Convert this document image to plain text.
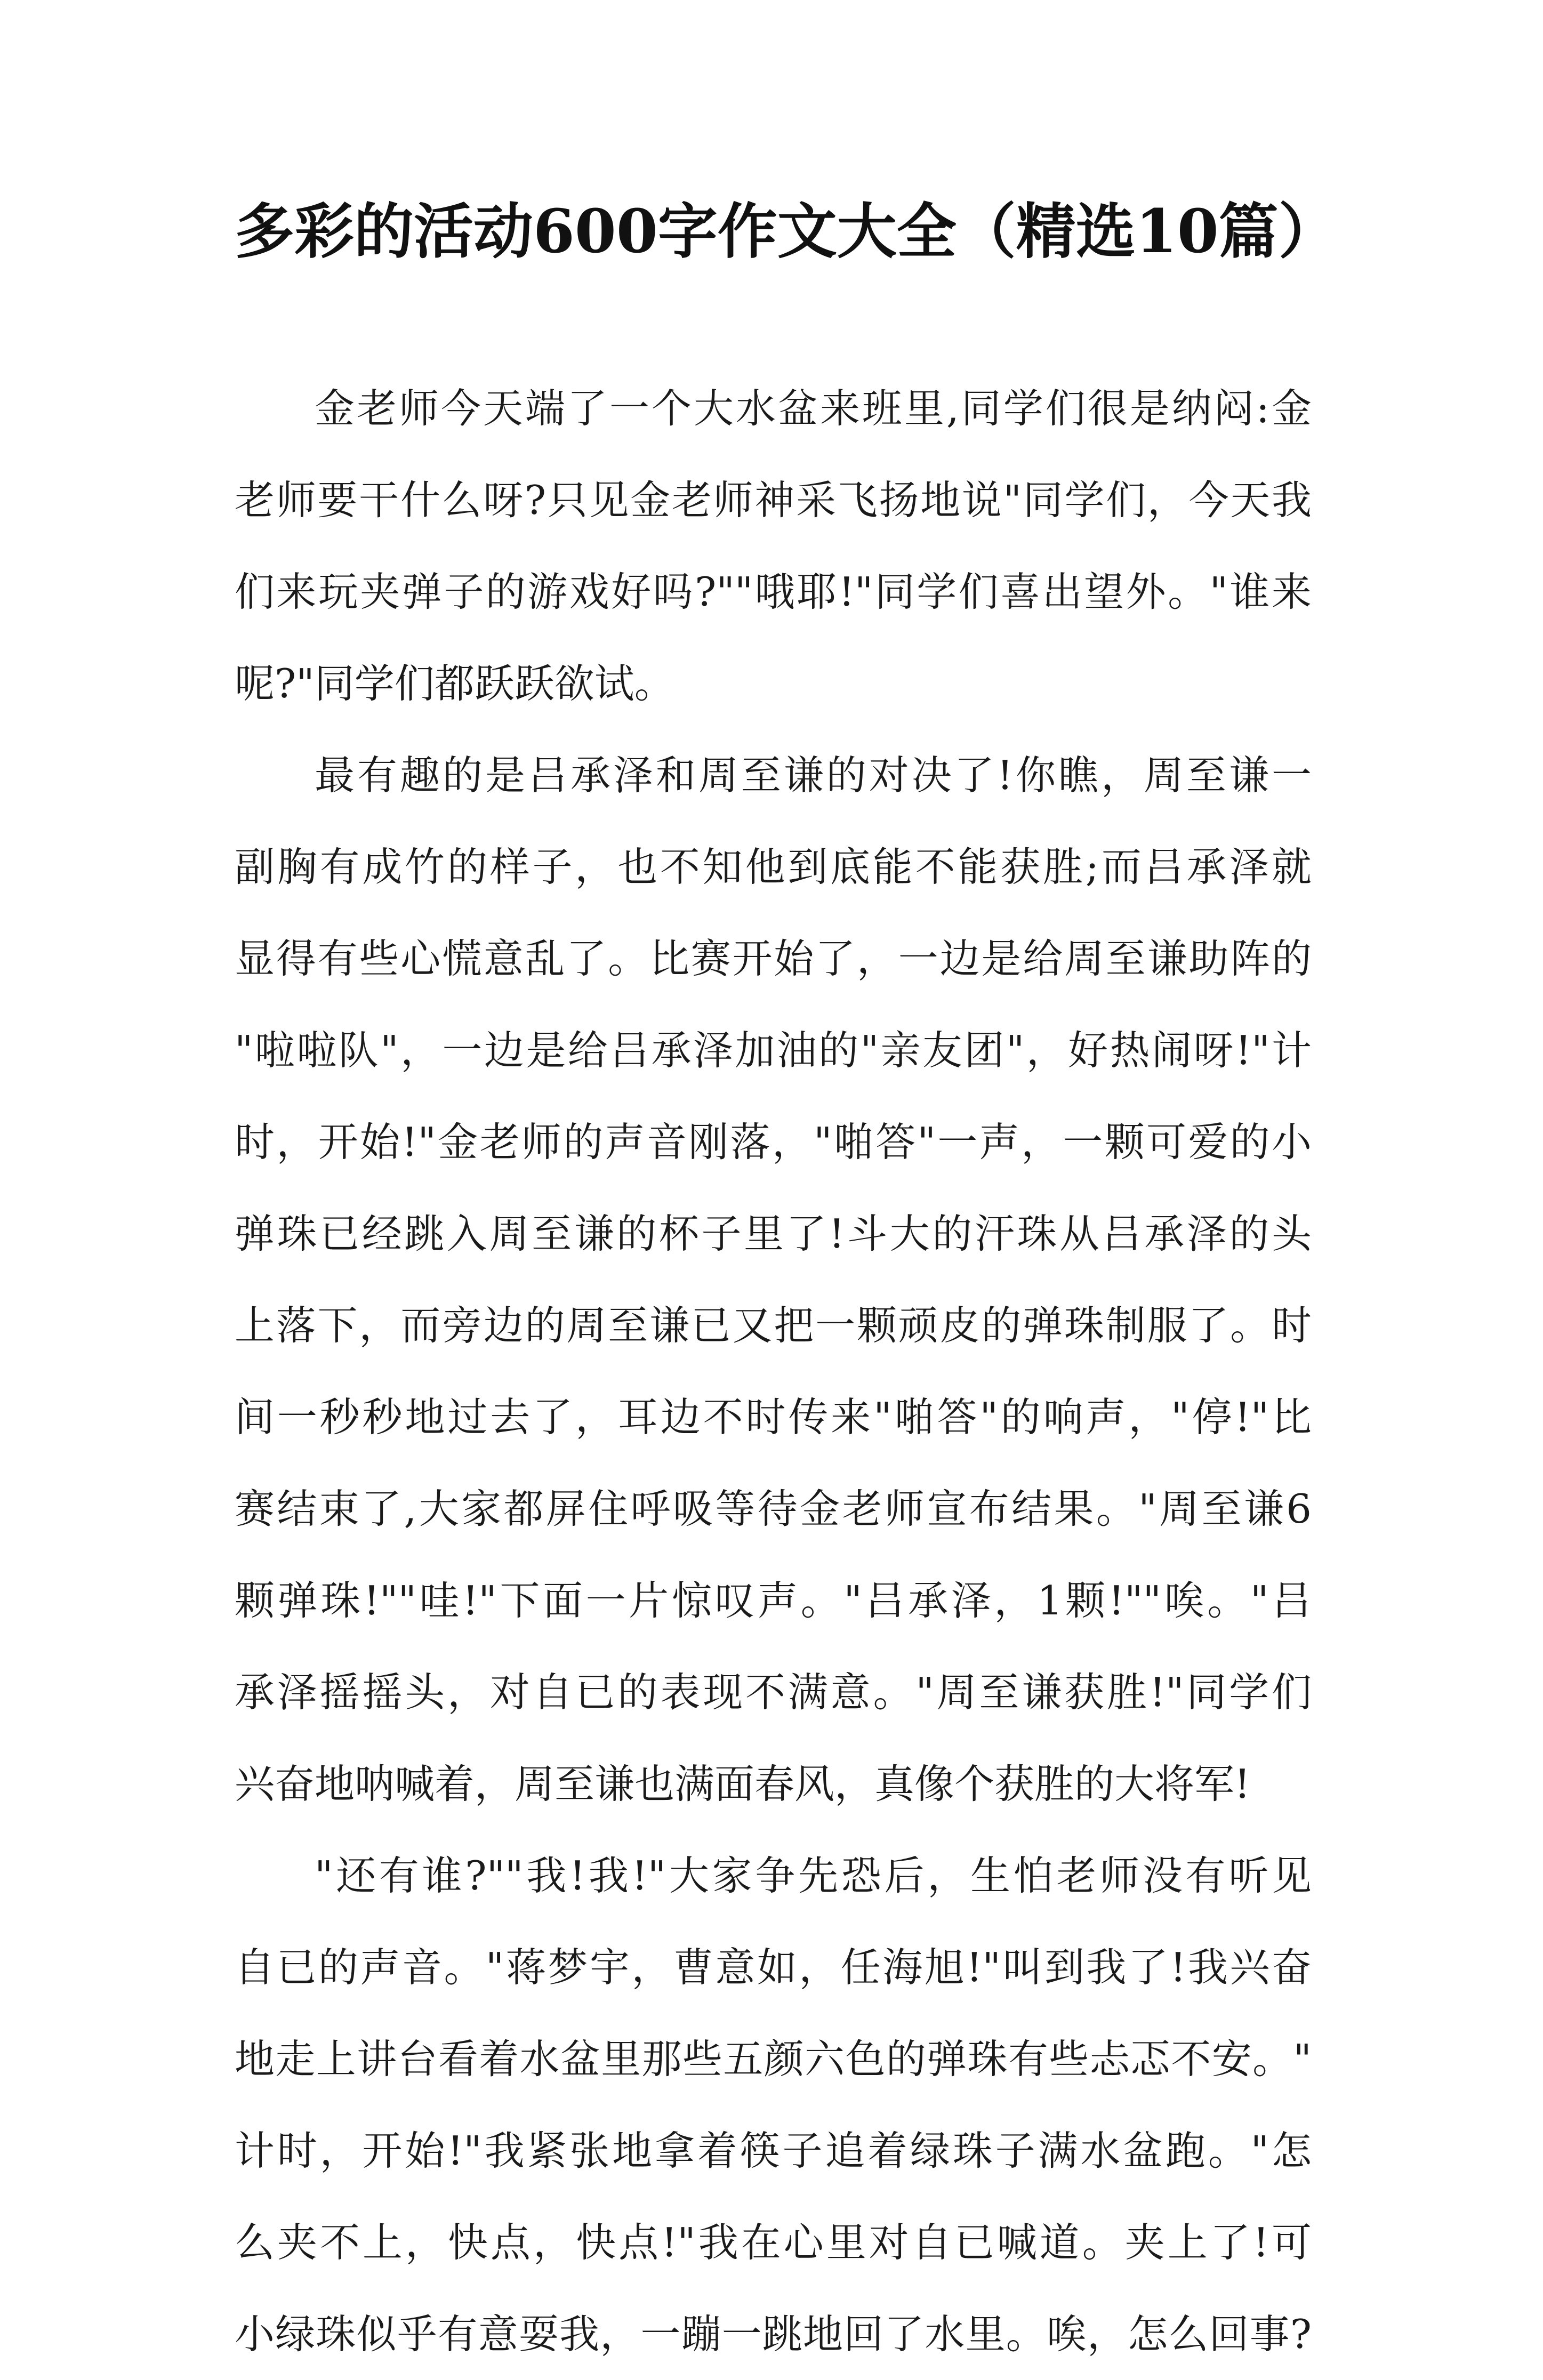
多彩的活动600字作文大全（精选10篇）

金老师今天端了一个大水盆来班里,同学们很是纳闷:金
老师要干什么呀?只见金老师神采飞扬地说"同学们，今天我
们来玩夹弹子的游戏好吗?""哦耶!"同学们喜出望外。"谁来
呢?"同学们都跃跃欲试。

最有趣的是吕承泽和周至谦的对决了!你瞧，周至谦一
副胸有成竹的样子，也不知他到底能不能获胜;而吕承泽就
显得有些心慌意乱了。比赛开始了，一边是给周至谦助阵的
"啦啦队"，一边是给吕承泽加油的"亲友团"，好热闹呀!"计
时，开始!"金老师的声音刚落，"啪答"一声，一颗可爱的小
弹珠已经跳入周至谦的杯子里了!斗大的汗珠从吕承泽的头
上落下，而旁边的周至谦已又把一颗顽皮的弹珠制服了。时
间一秒秒地过去了，耳边不时传来"啪答"的响声，"停!"比
赛结束了,大家都屏住呼吸等待金老师宣布结果。"周至谦6
颗弹珠!""哇!"下面一片惊叹声。"吕承泽，1颗!""唉。"吕
承泽摇摇头，对自已的表现不满意。"周至谦获胜!"同学们
兴奋地呐喊着，周至谦也满面春风，真像个获胜的大将军!

"还有谁?""我!我!"大家争先恐后，生怕老师没有听见
自已的声音。"蒋梦宇，曹意如，任海旭!"叫到我了!我兴奋
地走上讲台看着水盆里那些五颜六色的弹珠有些忐忑不安。"
计时，开始!"我紧张地拿着筷子追着绿珠子满水盆跑。"怎
么夹不上，快点，快点!"我在心里对自已喊道。夹上了!可
小绿珠似乎有意耍我，一蹦一跳地回了水里。唉，怎么回事?
